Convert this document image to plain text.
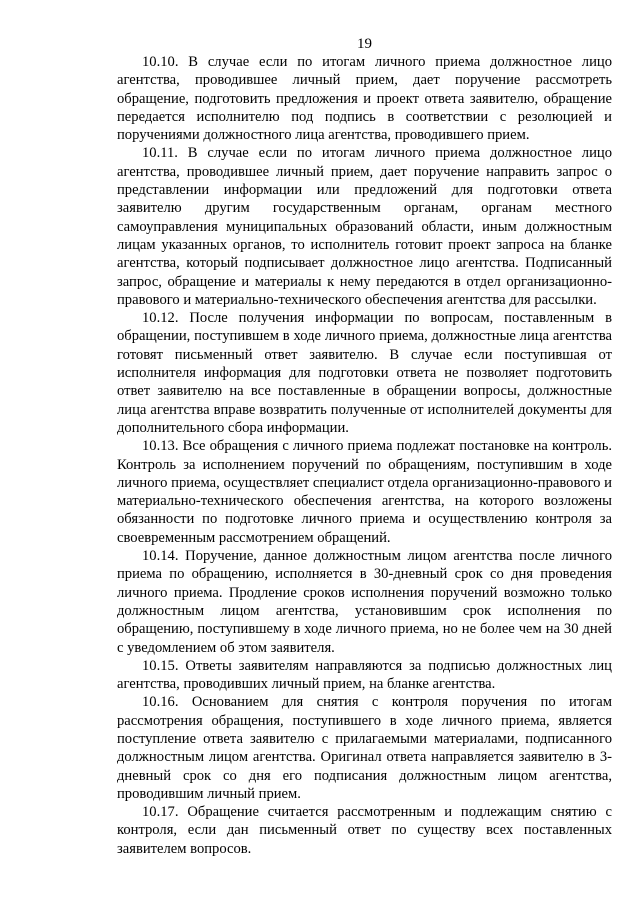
19

10.10. В случае если по итогам личного приема должностное лицо агентства, проводившее личный прием, дает поручение рассмотреть обращение, подготовить предложения и проект ответа заявителю, обращение передается исполнителю под подпись в соответствии с резолюцией и поручениями должностного лица агентства, проводившего прием.

10.11. В случае если по итогам личного приема должностное лицо агентства, проводившее личный прием, дает поручение направить запрос о представлении информации или предложений для подготовки ответа заявителю другим государственным органам, органам местного самоуправления муниципальных образований области, иным должностным лицам указанных органов, то исполнитель готовит проект запроса на бланке агентства, который подписывает должностное лицо агентства. Подписанный запрос, обращение и материалы к нему передаются в отдел организационно-правового и материально-технического обеспечения агентства для рассылки.

10.12. После получения информации по вопросам, поставленным в обращении, поступившем в ходе личного приема, должностные лица агентства готовят письменный ответ заявителю. В случае если поступившая от исполнителя информация для подготовки ответа не позволяет подготовить ответ заявителю на все поставленные в обращении вопросы, должностные лица агентства вправе возвратить полученные от исполнителей документы для дополнительного сбора информации.

10.13. Все обращения с личного приема подлежат постановке на контроль. Контроль за исполнением поручений по обращениям, поступившим в ходе личного приема, осуществляет специалист отдела организационно-правового и материально-технического обеспечения агентства, на которого возложены обязанности по подготовке личного приема и осуществлению контроля за своевременным рассмотрением обращений.

10.14. Поручение, данное должностным лицом агентства после личного приема по обращению, исполняется в 30-дневный срок со дня проведения личного приема. Продление сроков исполнения поручений возможно только должностным лицом агентства, установившим срок исполнения по обращению, поступившему в ходе личного приема, но не более чем на 30 дней с уведомлением об этом заявителя.

10.15. Ответы заявителям направляются за подписью должностных лиц агентства, проводивших личный прием, на бланке агентства.

10.16. Основанием для снятия с контроля поручения по итогам рассмотрения обращения, поступившего в ходе личного приема, является поступление ответа заявителю с прилагаемыми материалами, подписанного должностным лицом агентства. Оригинал ответа направляется заявителю в 3-дневный срок со дня его подписания должностным лицом агентства, проводившим личный прием.

10.17. Обращение считается рассмотренным и подлежащим снятию с контроля, если дан письменный ответ по существу всех поставленных заявителем вопросов.
